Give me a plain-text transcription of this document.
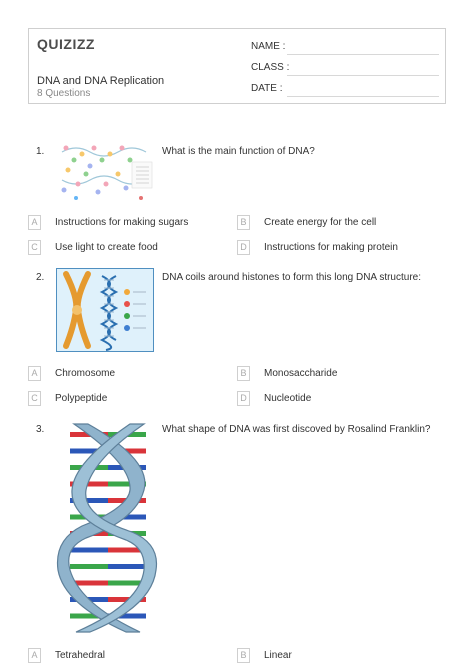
QUIZIZZ
DNA and DNA Replication
8 Questions
NAME :
CLASS :
DATE :
1.	What is the main function of DNA?
A	Instructions for making sugars	B	Create energy for the cell
C	Use light to create food	D	Instructions for making protein
2.	DNA coils around histones to form this long DNA structure:
A	Chromosome	B	Monosaccharide
C	Polypeptide	D	Nucleotide
3.	What shape of DNA was first discoved by Rosalind Franklin?
A	Tetrahedral	B	Linear
